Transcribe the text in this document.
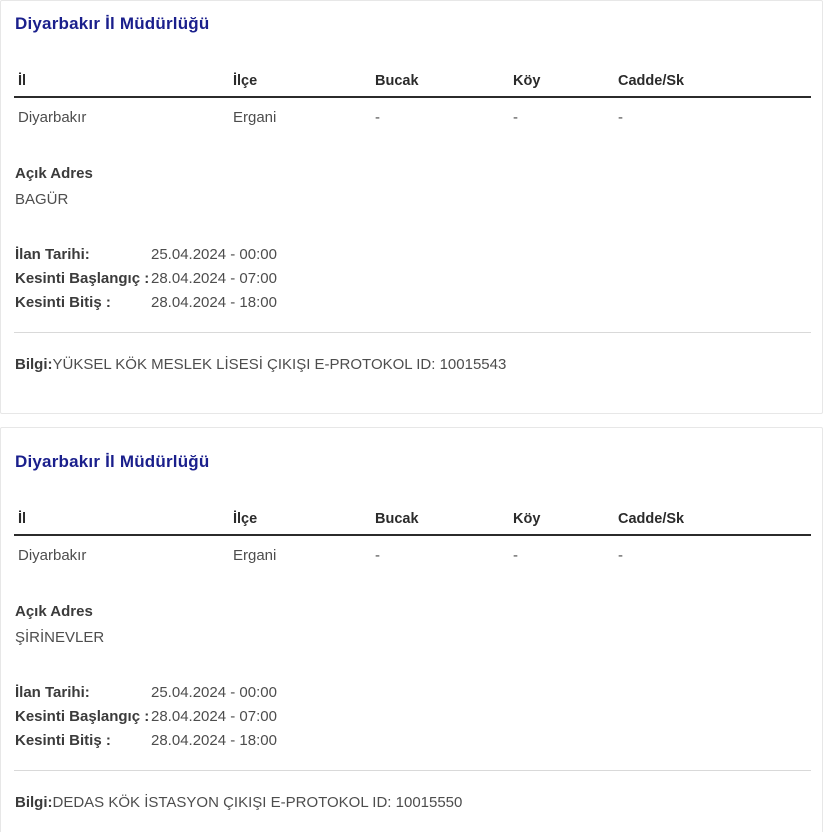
Diyarbakır İl Müdürlüğü
İl	İlçe	Bucak	Köy	Cadde/Sk
Diyarbakır	Ergani	-	-	-
Açık Adres
BAGÜR
İlan Tarihi:	25.04.2024 - 00:00
Kesinti Başlangıç : 28.04.2024 - 07:00
Kesinti Bitiş :	28.04.2024 - 18:00
Bilgi:YÜKSEL KÖK MESLEK LİSESİ ÇIKIŞI E-PROTOKOL ID: 10015543
Diyarbakır İl Müdürlüğü
İl	İlçe	Bucak	Köy	Cadde/Sk
Diyarbakır	Ergani	-	-	-
Açık Adres
ŞİRİNEVLER
İlan Tarihi:	25.04.2024 - 00:00
Kesinti Başlangıç : 28.04.2024 - 07:00
Kesinti Bitiş :	28.04.2024 - 18:00
Bilgi:DEDAS KÖK İSTASYON ÇIKIŞI E-PROTOKOL ID: 10015550
